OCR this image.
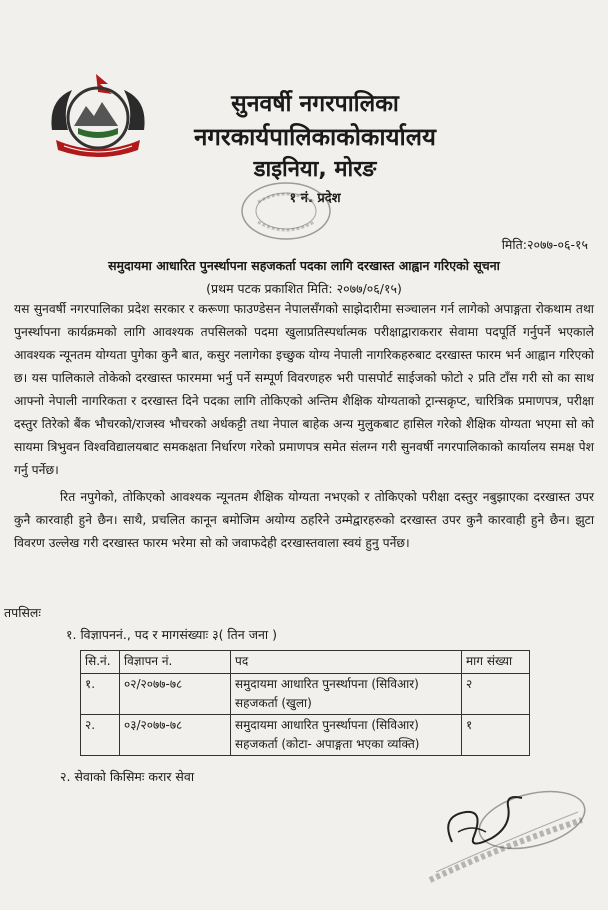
सुनवर्षी नगरपालिका
नगरकार्यपालिकाकोकार्यालय
डाइनिया, मोरङ
१ नं. प्रदेश
मिति:२०७७-०६-१५
समुदायमा आधारित पुनर्स्थापना सहजकर्ता पदका लागि दरखास्त आह्वान गरिएको सूचना
(प्रथम पटक प्रकाशित मिति: २०७७/०६/१५)

यस सुनवर्षी नगरपालिका प्रदेश सरकार र करूणा फाउण्डेसन नेपालसँगको साझेदारीमा सञ्चालन गर्न लागेको अपाङ्गता रोकथाम तथा पुनर्स्थापना कार्यक्रमको लागि आवश्यक तपसिलको पदमा खुलाप्रतिस्पर्धात्मक परीक्षाद्वाराकरार सेवामा पदपूर्ति गर्नुपर्ने भएकाले आवश्यक न्यूनतम योग्यता पुगेका कुनै बात, कसुर नलागेका इच्छुक योग्य नेपाली नागरिकहरुबाट दरखास्त फारम भर्न आह्वान गरिएको छ। यस पालिकाले तोकेको दरखास्त फारममा भर्नु पर्ने सम्पूर्ण विवरणहरु भरी पासपोर्ट साईजको फोटो २ प्रति टाँस गरी सो का साथ आफ्नो नेपाली नागरिकता र दरखास्त दिने पदका लागि तोकिएको अन्तिम शैक्षिक योग्यताको ट्रान्सक्रृप्ट, चारित्रिक प्रमाणपत्र, परीक्षा दस्तुर तिरेको बैंक भौचरको/राजस्व भौचरको अर्धकट्टी तथा नेपाल बाहेक अन्य मुलुकबाट हासिल गरेको शैक्षिक योग्यता भएमा सो को सायमा त्रिभुवन विश्वविद्यालयबाट समकक्षता निर्धारण गरेको प्रमाणपत्र समेत संलग्न गरी सुनवर्षी नगरपालिकाको कार्यालय समक्ष पेश गर्नु पर्नेछ।

रित नपुगेको, तोकिएको आवश्यक न्यूनतम शैक्षिक योग्यता नभएको र तोकिएको परीक्षा दस्तुर नबुझाएका दरखास्त उपर कुनै कारवाही हुने छैन। साथै, प्रचलित कानून बमोजिम अयोग्य ठहरिने उम्मेद्वारहरुको दरखास्त उपर कुनै कारवाही हुने छैन। झुटा विवरण उल्लेख गरी दरखास्त फारम भरेमा सो को जवाफदेही दरखास्तवाला स्वयं हुनु पर्नेछ।

तपसिलः
१. विज्ञापननं., पद र मागसंख्याः ३( तिन जना )
सि.नं.	विज्ञापन नं.	पद	माग संख्या
१.	०२/२०७७-७८	समुदायमा आधारित पुनर्स्थापना (सिविआर) सहजकर्ता (खुला)	२
२.	०३/२०७७-७८	समुदायमा आधारित पुनर्स्थापना (सिविआर) सहजकर्ता (कोटा- अपाङ्गता भएका व्यक्ति)	१
२. सेवाको किसिमः करार सेवा
